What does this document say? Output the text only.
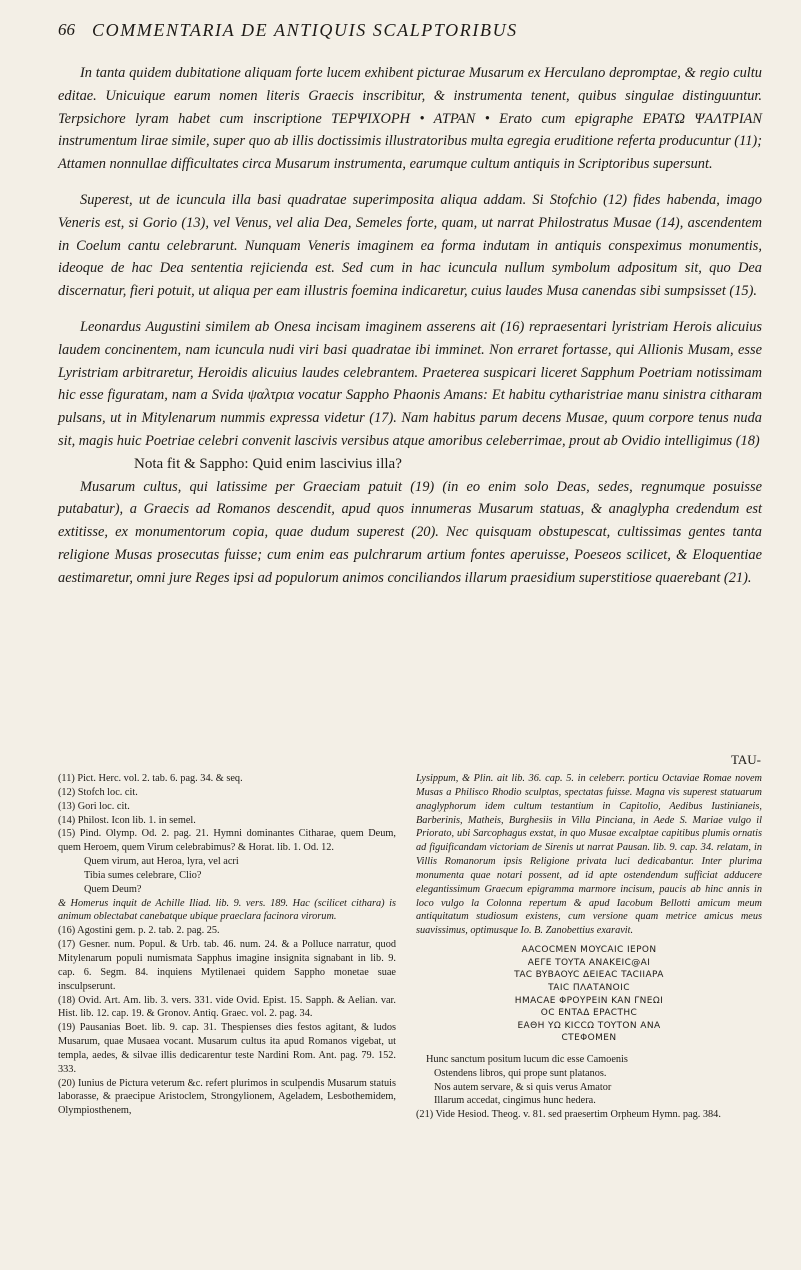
66 COMMENTARIA DE ANTIQUIS SCALPTORIBUS

In tanta quidem dubitatione aliquam forte lucem exhibent picturae Musarum ex Herculano depromptae, & regio cultu editae. Unicuique earum nomen literis Graecis inscribitur, & instrumenta tenent, quibus singulae distinguuntur. Terpsichore lyram habet cum inscriptione TEPΨIXOPH • ATPAN • Erato cum epigraphe EPATΩ ΨAΛTPIAN instrumentum lirae simile, super quo ab illis doctissimis illustratoribus multa egregia eruditione referta producuntur (11); Attamen nonnullae difficultates circa Musarum instrumenta, earumque cultum antiquis in Scriptoribus supersunt.

Superest, ut de icuncula illa basi quadratae superimposita aliqua addam. Si Stofchio (12) fides habenda, imago Veneris est, si Gorio (13), vel Venus, vel alia Dea, Semeles forte, quam, ut narrat Philostratus Musae (14), ascendentem in Coelum cantu celebrarunt. Nunquam Veneris imaginem ea forma indutam in antiquis conspeximus monumentis, ideoque de hac Dea sententia rejicienda est. Sed cum in hac icuncula nullum symbolum adpositum sit, quo Dea discernatur, fieri potuit, ut aliqua per eam illustris foemina indicaretur, cuius laudes Musa canendas sibi sumpsisset (15).

Leonardus Augustini similem ab Onesa incisam imaginem asserens ait (16) repraesentari lyristriam Herois alicuius laudem concinentem, nam icuncula nudi viri basi quadratae ibi imminet. Non erraret fortasse, qui Allionis Musam, esse Lyristriam arbitraretur, Heroidis alicuius laudes celebrantem. Praeterea suspicari liceret Sapphum Poetriam notissimam hic esse figuratam, nam a Svida ψαλτρια vocatur Sappho Phaonis Amans: Et habitu cytharistriae manu sinistra citharam pulsans, ut in Mitylenarum nummis expressa videtur (17). Nam habitus parum decens Musae, quum corpore tenus nuda sit, magis huic Poetriae celebri convenit lascivis versibus atque amoribus celeberrimae, prout ab Ovidio intelligimus (18)

Nota fit & Sappho: Quid enim lascivius illa?

Musarum cultus, qui latissime per Graeciam patuit (19) (in eo enim solo Deas, sedes, regnumque posuisse putabatur), a Graecis ad Romanos descendit, apud quos innumeras Musarum statuas, & anaglypha credendum est extitisse, ex monumentorum copia, quae dudum superest (20). Nec quisquam obstupescat, cultissimas gentes tanta religione Musas prosecutas fuisse; cum enim eas pulchrarum artium fontes aperuisse, Poeseos scilicet, & Eloquentiae aestimaretur, omni jure Reges ipsi ad populorum animos conciliandos illarum praesidium superstitiose quaerebant (21).

TAU-

(11) Pict. Herc. vol. 2. tab. 6. pag. 34. & seq.

(12) Stofch loc. cit.

(13) Gori loc. cit.

(14) Philost. Icon lib. 1. in semel.

(15) Pind. Olymp. Od. 2. pag. 21. Hymni dominantes Citharae, quem Deum, quem Heroem, quem Virum celebrabimus? & Horat. lib. 1. Od. 12.

Quem virum, aut Heroa, lyra, vel acri

Tibia sumes celebrare, Clio?

Quem Deum?

& Homerus inquit de Achille Iliad. lib. 9. vers. 189. Hac (scilicet cithara) is animum oblectabat canebatque ubique praeclara facinora virorum.

(16) Agostini gem. p. 2. tab. 2. pag. 25.

(17) Gesner. num. Popul. & Urb. tab. 46. num. 24. & a Polluce narratur, quod Mitylenarum populi numismata Sapphus imagine insignita signabant in lib. 9. cap. 6. Segm. 84. inquiens Mytilenaei quidem Sappho monetae suae insculpserunt.

(18) Ovid. Art. Am. lib. 3. vers. 331. vide Ovid. Epist. 15. Sapph. & Aelian. var. Hist. lib. 12. cap. 19. & Gronov. Antiq. Graec. vol. 2. pag. 34.

(19) Pausanias Boet. lib. 9. cap. 31. Thespienses dies festos agitant, & ludos Musarum, quae Musaea vocant. Musarum cultus ita apud Romanos vigebat, ut templa, aedes, & silvae illis dedicarentur teste Nardini Rom. Ant. pag. 79. 152. 333.

(20) Iunius de Pictura veterum &c. refert plurimos in sculpendis Musarum statuis laborasse, & praecipue Aristoclem, Strongylionem, Ageladem, Lesbothemidem, Olympiosthenem,

Lysippum, & Plin. ait lib. 36. cap. 5. in celeberr. porticu Octaviae Romae novem Musas a Philisco Rhodio sculptas, spectatas fuisse. Magna vis superest statuarum anaglyphorum idem cultum testantium in Capitolio, Aedibus Iustinianeis, Barberinis, Matheis, Burghesiis in Villa Pinciana, in Aede S. Mariae vulgo il Priorato, ubi Sarcophagus exstat, in quo Musae excalptae capitibus plumis ornatis ad figuificandam victoriam de Sirenis ut narrat Pausan. lib. 9. cap. 34. relatam, in Villis Romanorum ipsis Religione privata luci dedicabantur. Inter plurima monumenta quae notari possent, ad id apte ostendendum sufficiat adducere elegantissimum Graecum epigramma marmore incisum, paucis ab hinc annis in loco vulgo la Colonna repertum & apud Iacobum Bellotti amicum meum antiquitatum studiosum existens, cum versione quam metrice amicus meus suavissimus, optimusque Io. B. Zanobettius exaravit.

AACOCMEN MOYCAIC IEPON
AEΓE TOYTA ANAKEIC@AI
TAC BYBAOYC ΔEIEAC TACIIAPA
TAIC ΠΛΑΤΑΝΟΙC
HMACAE ΦΡΟΥΡΕΙΝ KAN ΓΝΕΩΙ
OC ENTAΔ EPACTHC
EAΘH ΥΩ KICCΩ TOYTON ANA
CTEΦOMEN

Hunc sanctum positum lucum dic esse Camoenis

Ostendens libros, qui prope sunt platanos.

Nos autem servare, & si quis verus Amator

Illarum accedat, cingimus hunc hedera.

(21) Vide Hesiod. Theog. v. 81. sed praesertim Orpheum Hymn. pag. 384.
